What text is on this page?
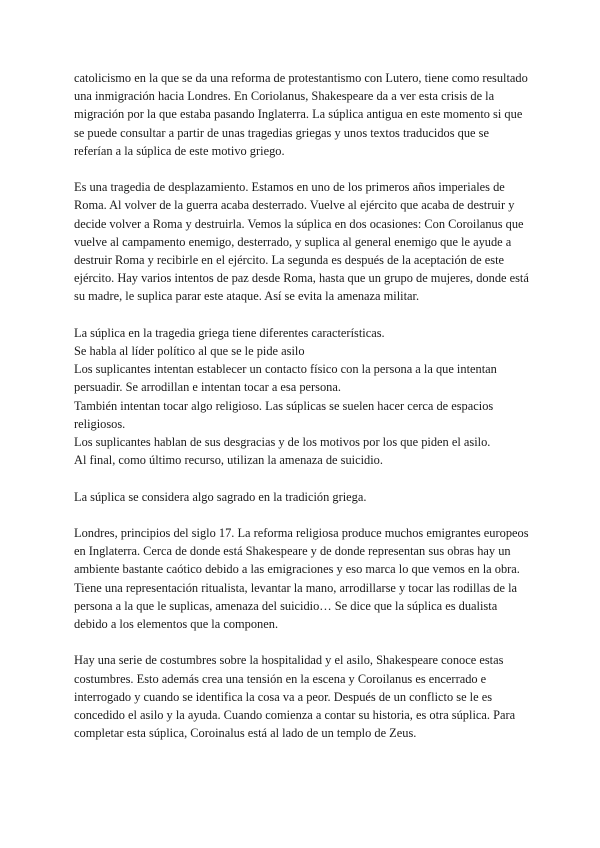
catolicismo en la que se da una reforma de protestantismo con Lutero, tiene como resultado una inmigración hacia Londres. En Coriolanus, Shakespeare da a ver esta crisis de la migración por la que estaba pasando Inglaterra. La súplica antigua en este momento si que se puede consultar a partir de unas tragedias griegas y unos textos traducidos que se referían a la súplica de este motivo griego.

Es una tragedia de desplazamiento. Estamos en uno de los primeros años imperiales de Roma. Al volver de la guerra acaba desterrado. Vuelve al ejército que acaba de destruir y decide volver a Roma y destruirla. Vemos la súplica en dos ocasiones: Con Coroilanus que vuelve al campamento enemigo, desterrado, y suplica al general enemigo que le ayude a destruir Roma y recibirle en el ejército. La segunda es después de la aceptación de este ejército. Hay varios intentos de paz desde Roma, hasta que un grupo de mujeres, donde está su madre, le suplica parar este ataque. Así se evita la amenaza militar.

La súplica en la tragedia griega tiene diferentes características.
Se habla al líder político al que se le pide asilo
Los suplicantes intentan establecer un contacto físico con la persona a la que intentan persuadir. Se arrodillan e intentan tocar a esa persona.
También intentan tocar algo religioso. Las súplicas se suelen hacer cerca de espacios religiosos.
Los suplicantes hablan de sus desgracias y de los motivos por los que piden el asilo.
Al final, como último recurso, utilizan la amenaza de suicidio.

La súplica se considera algo sagrado en la tradición griega.

Londres, principios del siglo 17. La reforma religiosa produce muchos emigrantes europeos en Inglaterra. Cerca de donde está Shakespeare y de donde representan sus obras hay un ambiente bastante caótico debido a las emigraciones y eso marca lo que vemos en la obra. Tiene una representación ritualista, levantar la mano, arrodillarse y tocar las rodillas de la persona a la que le suplicas, amenaza del suicidio… Se dice que la súplica es dualista debido a los elementos que la componen.

Hay una serie de costumbres sobre la hospitalidad y el asilo, Shakespeare conoce estas costumbres. Esto además crea una tensión en la escena y Coroilanus es encerrado e interrogado y cuando se identifica la cosa va a peor. Después de un conflicto se le es concedido el asilo y la ayuda. Cuando comienza a contar su historia, es otra súplica. Para completar esta súplica, Coroinalus está al lado de un templo de Zeus.
